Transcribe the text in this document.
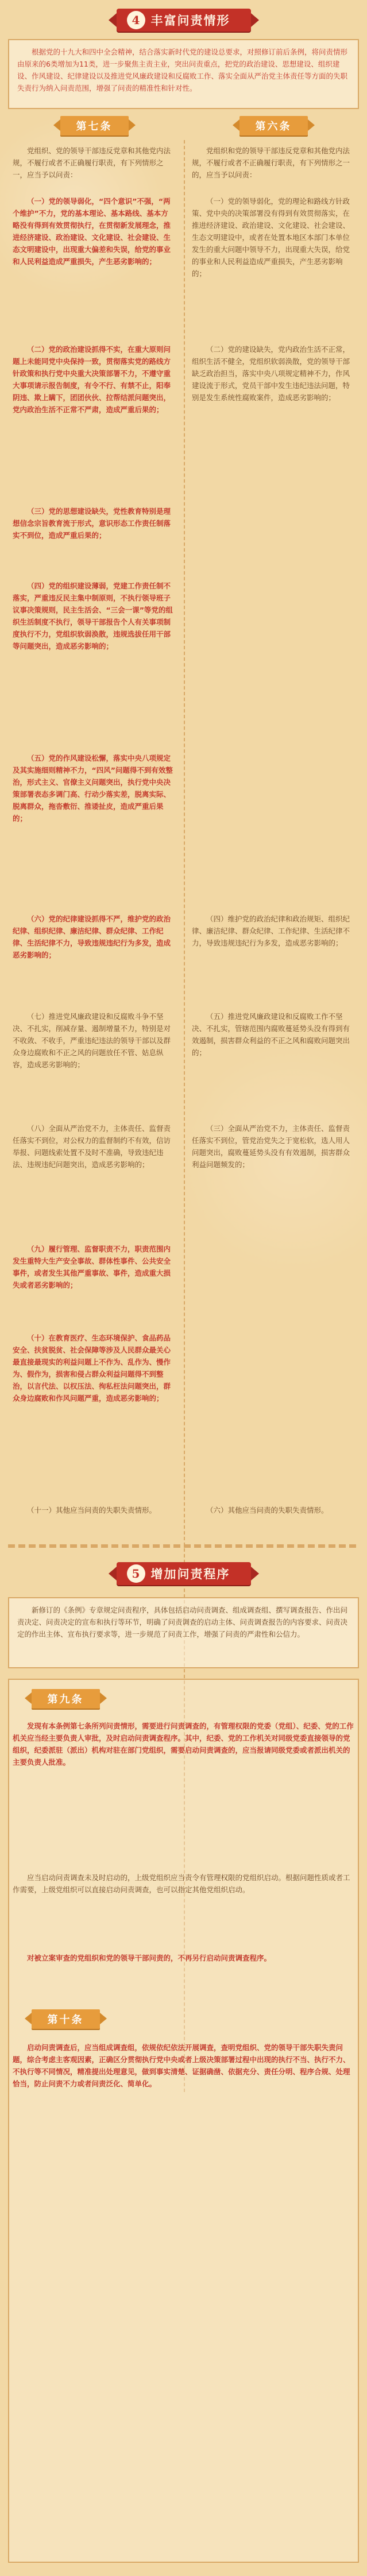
4 丰富问责情形
根据党的十九大和四中全会精神，结合落实新时代党的建设总要求，对照修订前后条例，将问责情形由原来的6类增加为11类，进一步聚焦主责主业，突出问责重点，把党的政治建设、思想建设、组织建设、作风建设、纪律建设以及推进党风廉政建设和反腐败工作、落实全面从严治党主体责任等方面的失职失责行为纳入问责范围，增强了问责的精准性和针对性。
第七条	第六条
党组织、党的领导干部违反党章和其他党内法规，不履行或者不正确履行职责，有下列情形之一，应当予以问责：
（一）党的领导弱化，“四个意识”不强，“两个维护”不力，党的基本理论、基本路线、基本方略没有得到有效贯彻执行，在贯彻新发展理念，推进经济建设、政治建设、文化建设、社会建设、生态文明建设中，出现重大偏差和失误，给党的事业和人民利益造成严重损失，产生恶劣影响的；
（二）党的政治建设抓得不实，在重大原则问题上未能同党中央保持一致，贯彻落实党的路线方针政策和执行党中央重大决策部署不力，不遵守重大事项请示报告制度，有令不行、有禁不止，阳奉阴违、欺上瞒下，团团伙伙、拉帮结派问题突出，党内政治生活不正常不严肃，造成严重后果的；
（三）党的思想建设缺失，党性教育特别是理想信念宗旨教育流于形式，意识形态工作责任制落实不到位，造成严重后果的；
（四）党的组织建设薄弱，党建工作责任制不落实，严重违反民主集中制原则，不执行领导班子议事决策规则，民主生活会、“三会一课”等党的组织生活制度不执行，领导干部报告个人有关事项制度执行不力，党组织软弱涣散，违规选拔任用干部等问题突出，造成恶劣影响的；
（五）党的作风建设松懈，落实中央八项规定及其实施细则精神不力，“四风”问题得不到有效整治，形式主义、官僚主义问题突出，执行党中央决策部署表态多调门高、行动少落实差，脱离实际、脱离群众，拖沓敷衍、推诿扯皮，造成严重后果的；
（六）党的纪律建设抓得不严，维护党的政治纪律、组织纪律、廉洁纪律、群众纪律、工作纪律、生活纪律不力，导致违规违纪行为多发，造成恶劣影响的；
（七）推进党风廉政建设和反腐败斗争不坚决、不扎实，削减存量、遏制增量不力，特别是对不收敛、不收手，严重违纪违法的领导干部以及群众身边腐败和不正之风的问题放任不管、姑息纵容，造成恶劣影响的；
（八）全面从严治党不力，主体责任、监督责任落实不到位，对公权力的监督制约不有效，信访举报、问题线索处置不及时不准确，导致违纪违法、违规违纪问题突出，造成恶劣影响的；
（九）履行管理、监督职责不力，职责范围内发生重特大生产安全事故、群体性事件、公共安全事件，或者发生其他严重事故、事件，造成重大损失或者恶劣影响的；
（十）在教育医疗、生态环境保护、食品药品安全、扶贫脱贫、社会保障等涉及人民群众最关心最直接最现实的利益问题上不作为、乱作为、慢作为、假作为，损害和侵占群众利益问题得不到整治，以言代法、以权压法、徇私枉法问题突出，群众身边腐败和作风问题严重，造成恶劣影响的；
（十一）其他应当问责的失职失责情形。
党组织和党的领导干部违反党章和其他党内法规，不履行或者不正确履行职责，有下列情形之一的，应当予以问责：
（一）党的领导弱化，党的理论和路线方针政策、党中央的决策部署没有得到有效贯彻落实，在推进经济建设、政治建设、文化建设、社会建设、生态文明建设中，或者在处置本地区本部门本单位发生的重大问题中领导不力，出现重大失误，给党的事业和人民利益造成严重损失，产生恶劣影响的；
（二）党的建设缺失，党内政治生活不正常，组织生活不健全，党组织软弱涣散，党的领导干部缺乏政治担当，落实中央八项规定精神不力，作风建设流于形式，党员干部中发生违纪违法问题，特别是发生系统性腐败案件，造成恶劣影响的；
（四）维护党的政治纪律和政治规矩、组织纪律、廉洁纪律、群众纪律、工作纪律、生活纪律不力，导致违规违纪行为多发，造成恶劣影响的；
（五）推进党风廉政建设和反腐败工作不坚决、不扎实，管辖范围内腐败蔓延势头没有得到有效遏制，损害群众利益的不正之风和腐败问题突出的；
（三）全面从严治党不力，主体责任、监督责任落实不到位，管党治党失之于宽松软，选人用人问题突出，腐败蔓延势头没有有效遏制，损害群众利益问题频发的；
（六）其他应当问责的失职失责情形。
5 增加问责程序
新修订的《条例》专章规定问责程序，具体包括启动问责调查、组成调查组、撰写调查报告、作出问责决定、问责决定的宣布和执行等环节，明确了问责调查的启动主体、问责调查报告的内容要求、问责决定的作出主体、宣布执行要求等，进一步规范了问责工作，增强了问责的严肃性和公信力。
第九条
发现有本条例第七条所列问责情形，需要进行问责调查的，有管理权限的党委（党组）、纪委、党的工作机关应当经主要负责人审批，及时启动问责调查程序。其中，纪委、党的工作机关对同级党委直接领导的党组织，纪委派驻（派出）机构对驻在部门党组织，需要启动问责调查的，应当报请同级党委或者派出机关的主要负责人批准。
应当启动问责调查未及时启动的，上级党组织应当责令有管理权限的党组织启动。根据问题性质或者工作需要，上级党组织可以直接启动问责调查，也可以指定其他党组织启动。
对被立案审查的党组织和党的领导干部问责的，不再另行启动问责调查程序。
第十条
启动问责调查后，应当组成调查组，依规依纪依法开展调查，查明党组织、党的领导干部失职失责问题，综合考虑主客观因素，正确区分贯彻执行党中央或者上级决策部署过程中出现的执行不当、执行不力、不执行等不同情况，精准提出处理意见，做到事实清楚、证据确凿、依据充分、责任分明、程序合规、处理恰当，防止问责不力或者问责泛化、简单化。
